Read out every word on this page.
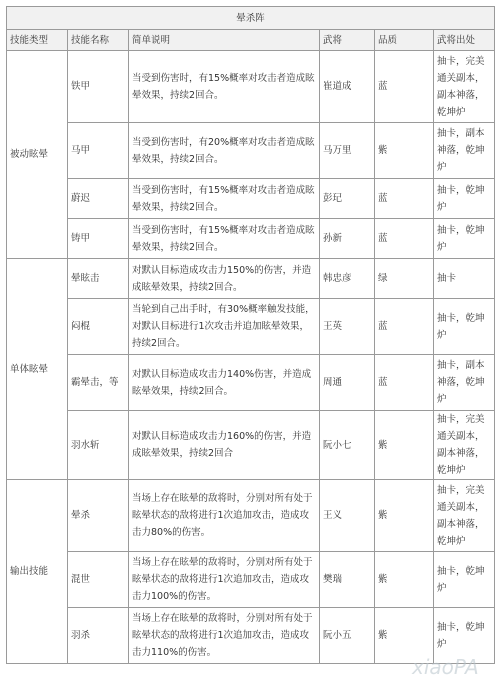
晕杀阵					
技能类型	技能名称	简单说明	武将	品质	武将出处
被动眩晕	铁甲	当受到伤害时，有15%概率对攻击者造成眩晕效果，持续2回合。	崔道成	蓝	抽卡，完美通关副本，副本神落，乾坤炉
	马甲	当受到伤害时，有20%概率对攻击者造成眩晕效果，持续2回合。	马万里	紫	抽卡，副本神落，乾坤炉
	蔚迟	当受到伤害时，有15%概率对攻击者造成眩晕效果，持续2回合。	彭玘	蓝	抽卡，乾坤炉
	铸甲	当受到伤害时，有15%概率对攻击者造成眩晕效果，持续2回合。	孙新	蓝	抽卡，乾坤炉
单体眩晕	晕眩击	对默认目标造成攻击力150%的伤害，并造成眩晕效果，持续2回合。	韩忠彦	绿	抽卡
	闷棍	当轮到自己出手时，有30%概率触发技能，对默认目标进行1次攻击并追加眩晕效果，持续2回合。	王英	蓝	抽卡，乾坤炉
	霸晕击，等	对默认目标造成攻击力140%伤害，并造成眩晕效果，持续2回合。	周通	蓝	抽卡，副本神落，乾坤炉
	羽水斩	对默认目标造成攻击力160%的伤害，并造成眩晕效果，持续2回合	阮小七	紫	抽卡，完美通关副本，副本神落，乾坤炉
输出技能	晕杀	当场上存在眩晕的敌将时，分别对所有处于眩晕状态的敌将进行1次追加攻击，造成攻击力80%的伤害。	王义	紫	抽卡，完美通关副本，副本神落，乾坤炉
	混世	当场上存在眩晕的敌将时，分别对所有处于眩晕状态的敌将进行1次追加攻击，造成攻击力100%的伤害。	樊瑞	紫	抽卡，乾坤炉
	羽杀	当场上存在眩晕的敌将时，分别对所有处于眩晕状态的敌将进行1次追加攻击，造成攻击力110%的伤害。	阮小五	紫	抽卡，乾坤炉
xiaoPA
